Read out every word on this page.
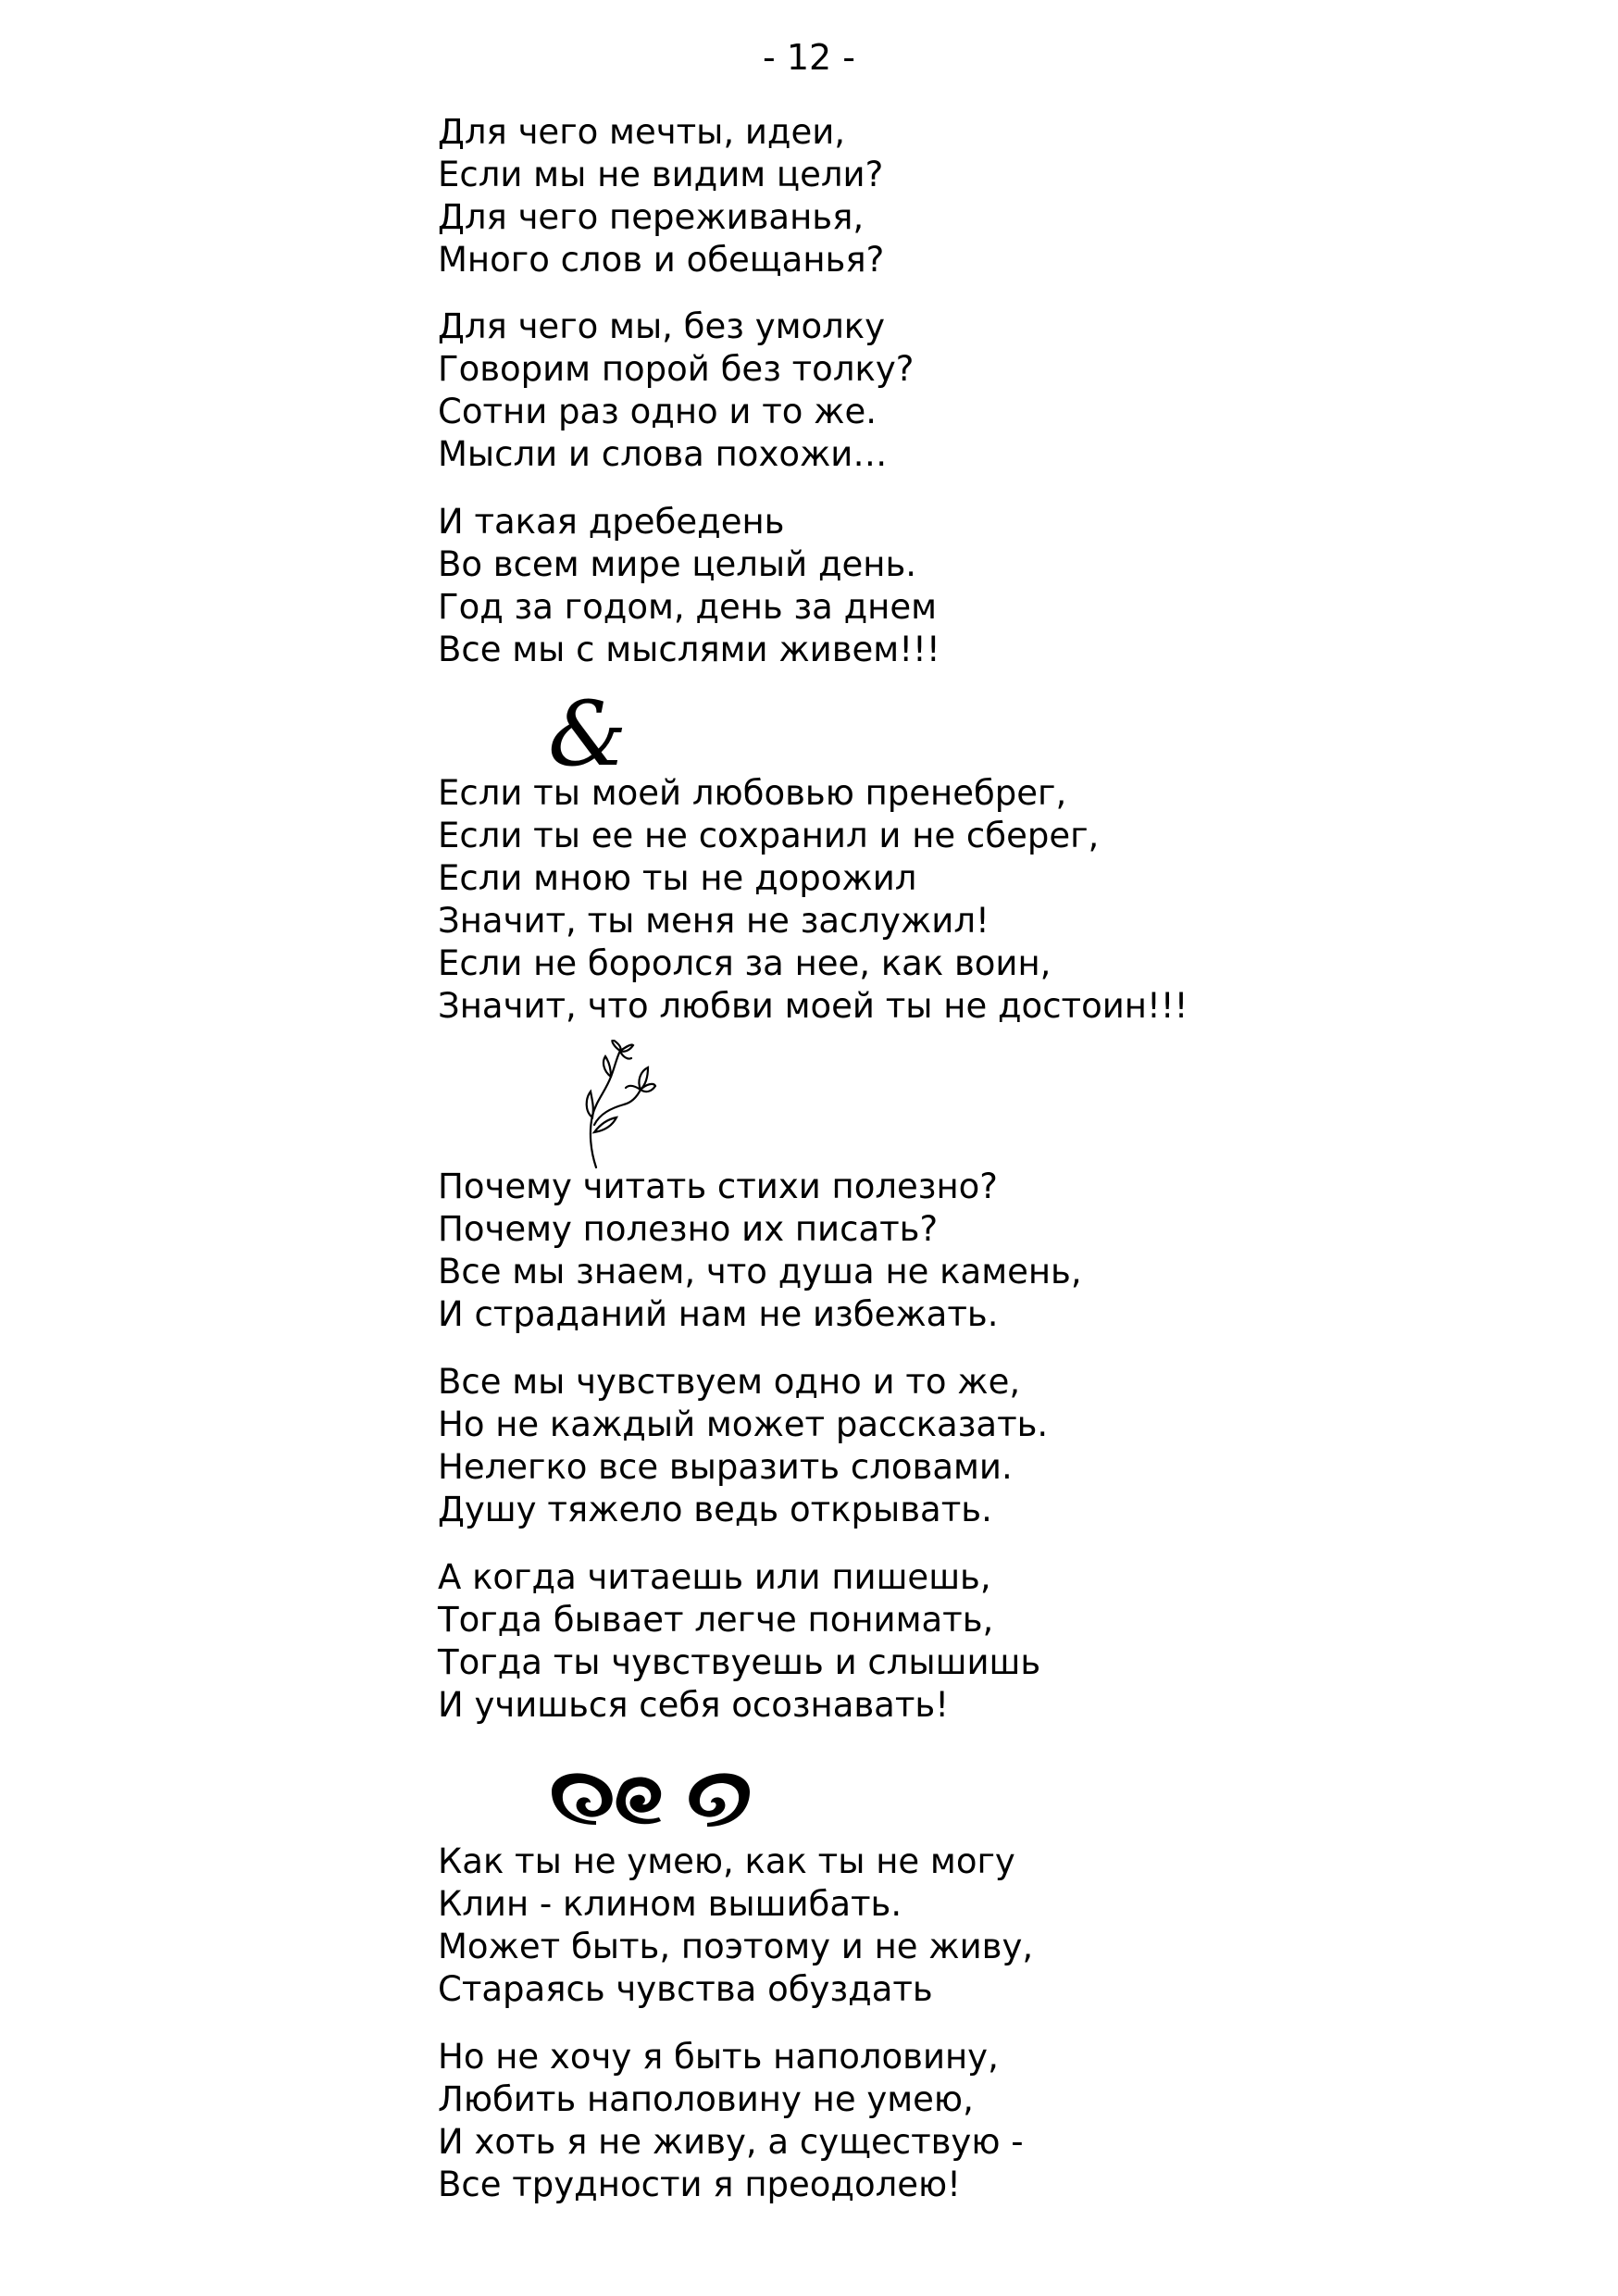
- 12 -
Для чего мечты, идеи,
Если мы не видим цели?
Для чего переживанья,
Много слов и обещанья?
Для чего мы, без умолку
Говорим порой без толку?
Сотни раз одно и то же.
Мысли и слова похожи…
И такая дребедень
Во всем мире целый день.
Год за годом, день за днем
Все мы с мыслями живем!!!
&
Если ты моей любовью пренебрег,
Если ты ее не сохранил и не сберег,
Если мною ты не дорожил
Значит, ты меня не заслужил!
Если не боролся за нее, как воин,
Значит, что любви моей ты не достоин!!!
Почему читать стихи полезно?
Почему полезно их писать?
Все мы знаем, что душа не камень,
И страданий нам не избежать.
Все мы чувствуем одно и то же,
Но не каждый может рассказать.
Нелегко все выразить словами.
Душу тяжело ведь открывать.
А когда читаешь или пишешь,
Тогда бывает легче понимать,
Тогда ты чувствуешь и слышишь
И учишься себя осознавать!
Как ты не умею, как ты не могу
Клин - клином вышибать.
Может быть, поэтому и не живу,
Стараясь чувства обуздать
Но не хочу я быть наполовину,
Любить наполовину не умею,
И хоть я не живу, а существую -
Все трудности я преодолею!
